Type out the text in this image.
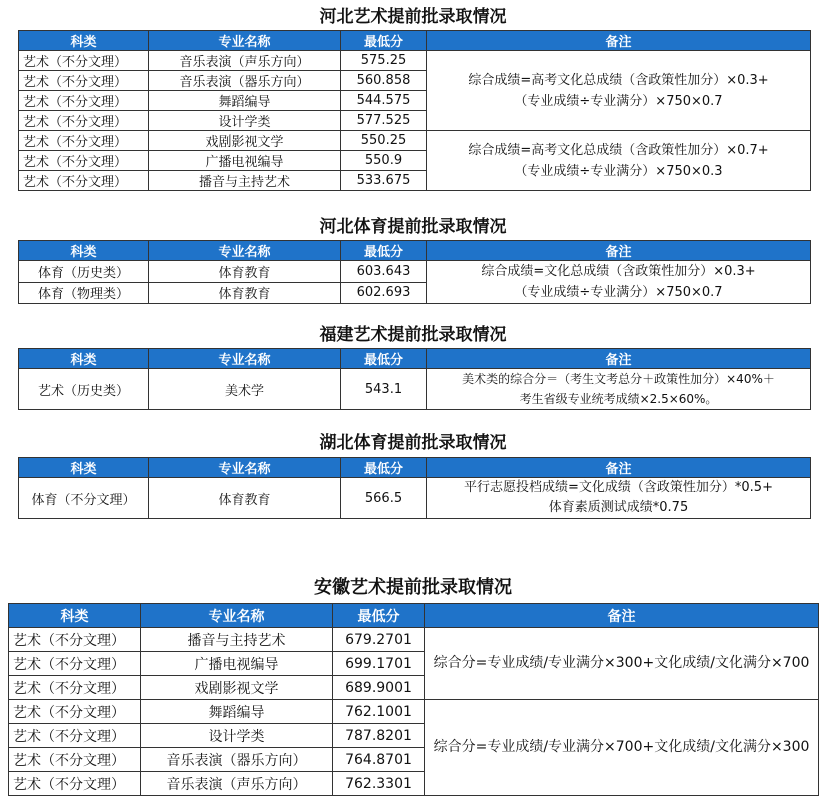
河北艺术提前批录取情况
科类	专业名称	最低分	备注
艺术（不分文理）	音乐表演（声乐方向）	575.25	综合成绩=高考文化总成绩（含政策性加分）×0.3+
（专业成绩÷专业满分）×750×0.7

艺术（不分文理）	音乐表演（器乐方向）	560.858	
艺术（不分文理）	舞蹈编导	544.575	
艺术（不分文理）	设计学类	577.525	
艺术（不分文理）	戏剧影视文学	550.25	综合成绩=高考文化总成绩（含政策性加分）×0.7+
（专业成绩÷专业满分）×750×0.3

艺术（不分文理）	广播电视编导	550.9	
艺术（不分文理）	播音与主持艺术	533.675	
河北体育提前批录取情况
科类	专业名称	最低分	备注
体育（历史类）	体育教育	603.643	综合成绩=文化总成绩（含政策性加分）×0.3+
（专业成绩÷专业满分）×750×0.7

体育（物理类）	体育教育	602.693	
福建艺术提前批录取情况
科类	专业名称	最低分	备注
艺术（历史类）	美术学	543.1	美术类的综合分＝（考生文考总分＋政策性加分）×40%＋
考生省级专业统考成绩×2.5×60%。
湖北体育提前批录取情况
科类	专业名称	最低分	备注
体育（不分文理）	体育教育	566.5	平行志愿投档成绩=文化成绩（含政策性加分）*0.5+
体育素质测试成绩*0.75
安徽艺术提前批录取情况
科类	专业名称	最低分	备注
艺术（不分文理）	播音与主持艺术	679.2701	综合分=专业成绩/专业满分×300+文化成绩/文化满分×700

艺术（不分文理）	广播电视编导	699.1701	
艺术（不分文理）	戏剧影视文学	689.9001	
艺术（不分文理）	舞蹈编导	762.1001	综合分=专业成绩/专业满分×700+文化成绩/文化满分×300

艺术（不分文理）	设计学类	787.8201	
艺术（不分文理）	音乐表演（器乐方向）	764.8701	
艺术（不分文理）	音乐表演（声乐方向）	762.3301	
